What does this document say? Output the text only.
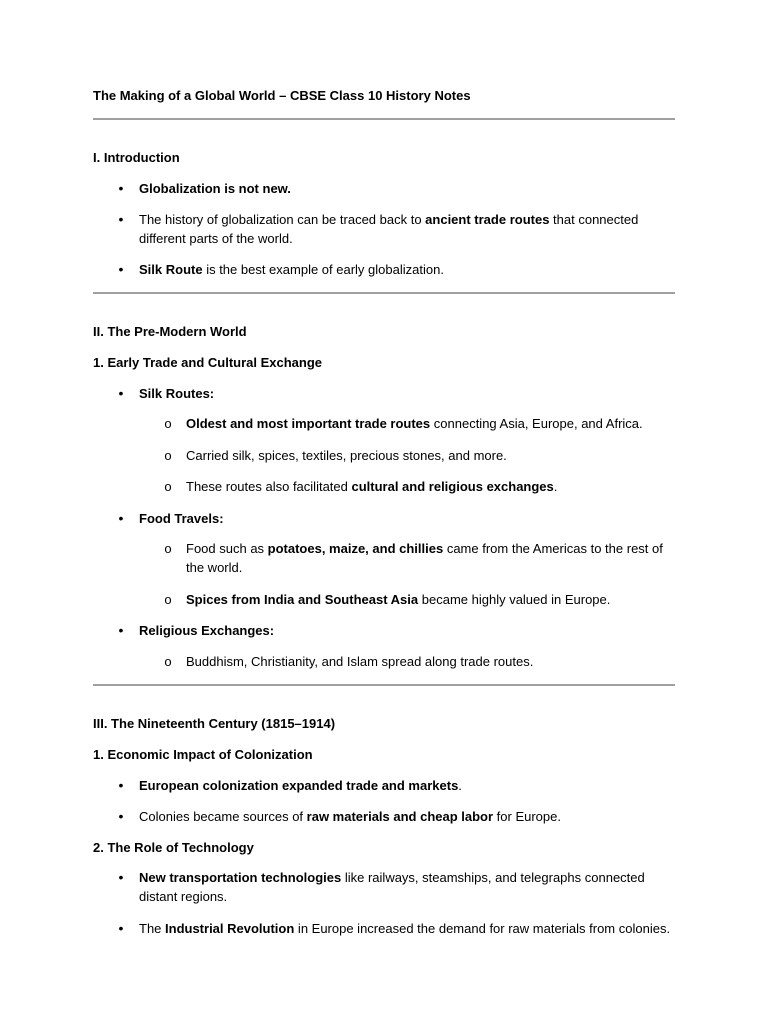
The Making of a Global World – CBSE Class 10 History Notes

I. Introduction

• Globalization is not new.

• The history of globalization can be traced back to ancient trade routes that connected different parts of the world.

• Silk Route is the best example of early globalization.

II. The Pre-Modern World

1. Early Trade and Cultural Exchange

• Silk Routes:

o Oldest and most important trade routes connecting Asia, Europe, and Africa.

o Carried silk, spices, textiles, precious stones, and more.

o These routes also facilitated cultural and religious exchanges.

• Food Travels:

o Food such as potatoes, maize, and chillies came from the Americas to the rest of the world.

o Spices from India and Southeast Asia became highly valued in Europe.

• Religious Exchanges:

o Buddhism, Christianity, and Islam spread along trade routes.

III. The Nineteenth Century (1815–1914)

1. Economic Impact of Colonization

• European colonization expanded trade and markets.

• Colonies became sources of raw materials and cheap labor for Europe.

2. The Role of Technology

• New transportation technologies like railways, steamships, and telegraphs connected distant regions.

• The Industrial Revolution in Europe increased the demand for raw materials from colonies.
